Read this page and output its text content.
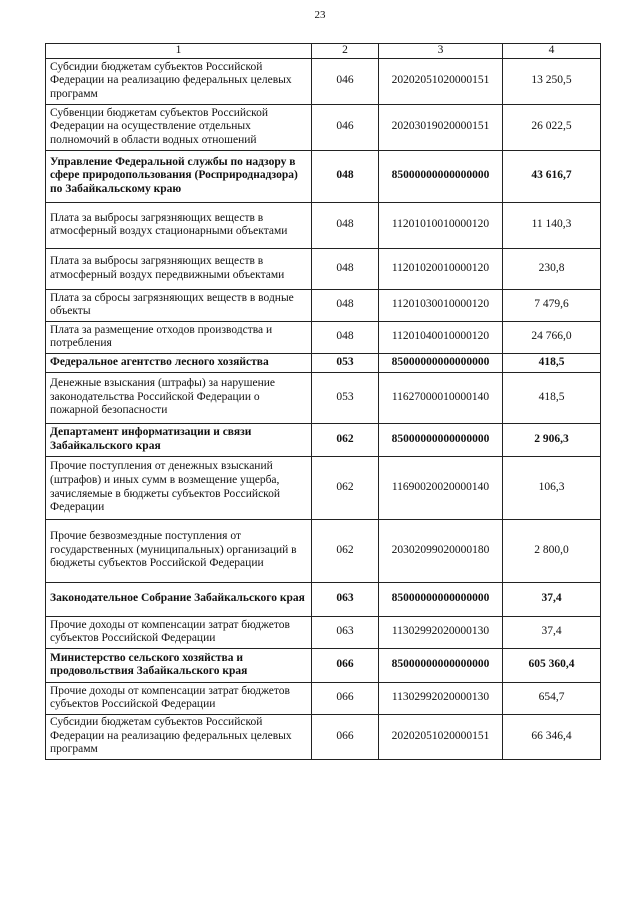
23
1	2	3	4
Субсидии бюджетам субъектов Российской Федерации на реализацию федеральных целевых программ	046	20202051020000151	13 250,5
Субвенции бюджетам субъектов Российской Федерации на осуществление отдельных полномочий в области водных отношений	046	20203019020000151	26 022,5
Управление Федеральной службы по надзору в сфере природопользования (Росприроднадзора) по Забайкальскому краю	048	85000000000000000	43 616,7
Плата за выбросы загрязняющих веществ в атмосферный воздух стационарными объектами	048	11201010010000120	11 140,3
Плата за выбросы загрязняющих веществ в атмосферный воздух передвижными объектами	048	11201020010000120	230,8
Плата за сбросы загрязняющих веществ в водные объекты	048	11201030010000120	7 479,6
Плата за размещение отходов производства и потребления	048	11201040010000120	24 766,0
Федеральное агентство лесного хозяйства	053	85000000000000000	418,5
Денежные взыскания (штрафы) за нарушение законодательства Российской Федерации о пожарной безопасности	053	11627000010000140	418,5
Департамент информатизации и связи Забайкальского края	062	85000000000000000	2 906,3
Прочие поступления от денежных взысканий (штрафов) и иных сумм в возмещение ущерба, зачисляемые в бюджеты субъектов Российской Федерации	062	11690020020000140	106,3
Прочие безвозмездные поступления от государственных (муниципальных) организаций в бюджеты субъектов Российской Федерации	062	20302099020000180	2 800,0
Законодательное Собрание Забайкальского края	063	85000000000000000	37,4
Прочие доходы от компенсации затрат бюджетов субъектов Российской Федерации	063	11302992020000130	37,4
Министерство сельского хозяйства и продовольствия Забайкальского края	066	85000000000000000	605 360,4
Прочие доходы от компенсации затрат бюджетов субъектов Российской Федерации	066	11302992020000130	654,7
Субсидии бюджетам субъектов Российской Федерации на реализацию федеральных целевых программ	066	20202051020000151	66 346,4
